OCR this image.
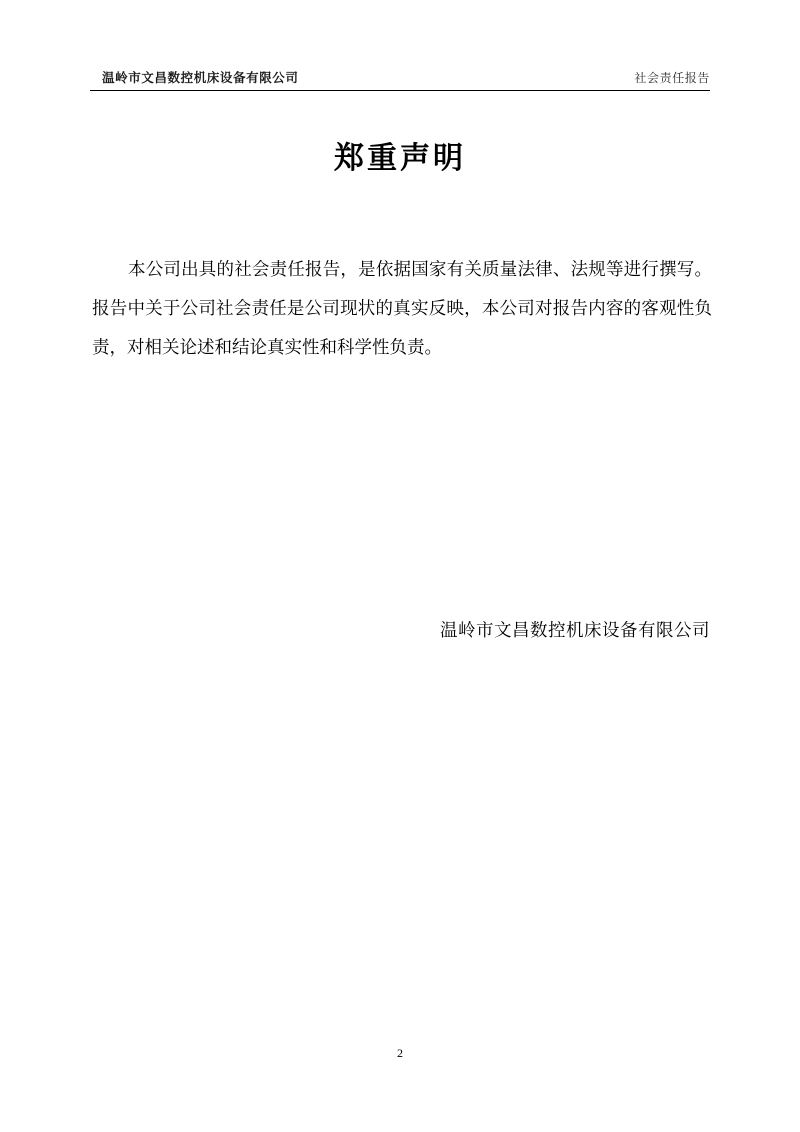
温岭市文昌数控机床设备有限公司	社会责任报告
郑重声明

本公司出具的社会责任报告，是依据国家有关质量法律、法规等进行撰写。报告中关于公司社会责任是公司现状的真实反映，本公司对报告内容的客观性负责，对相关论述和结论真实性和科学性负责。

温岭市文昌数控机床设备有限公司
2
